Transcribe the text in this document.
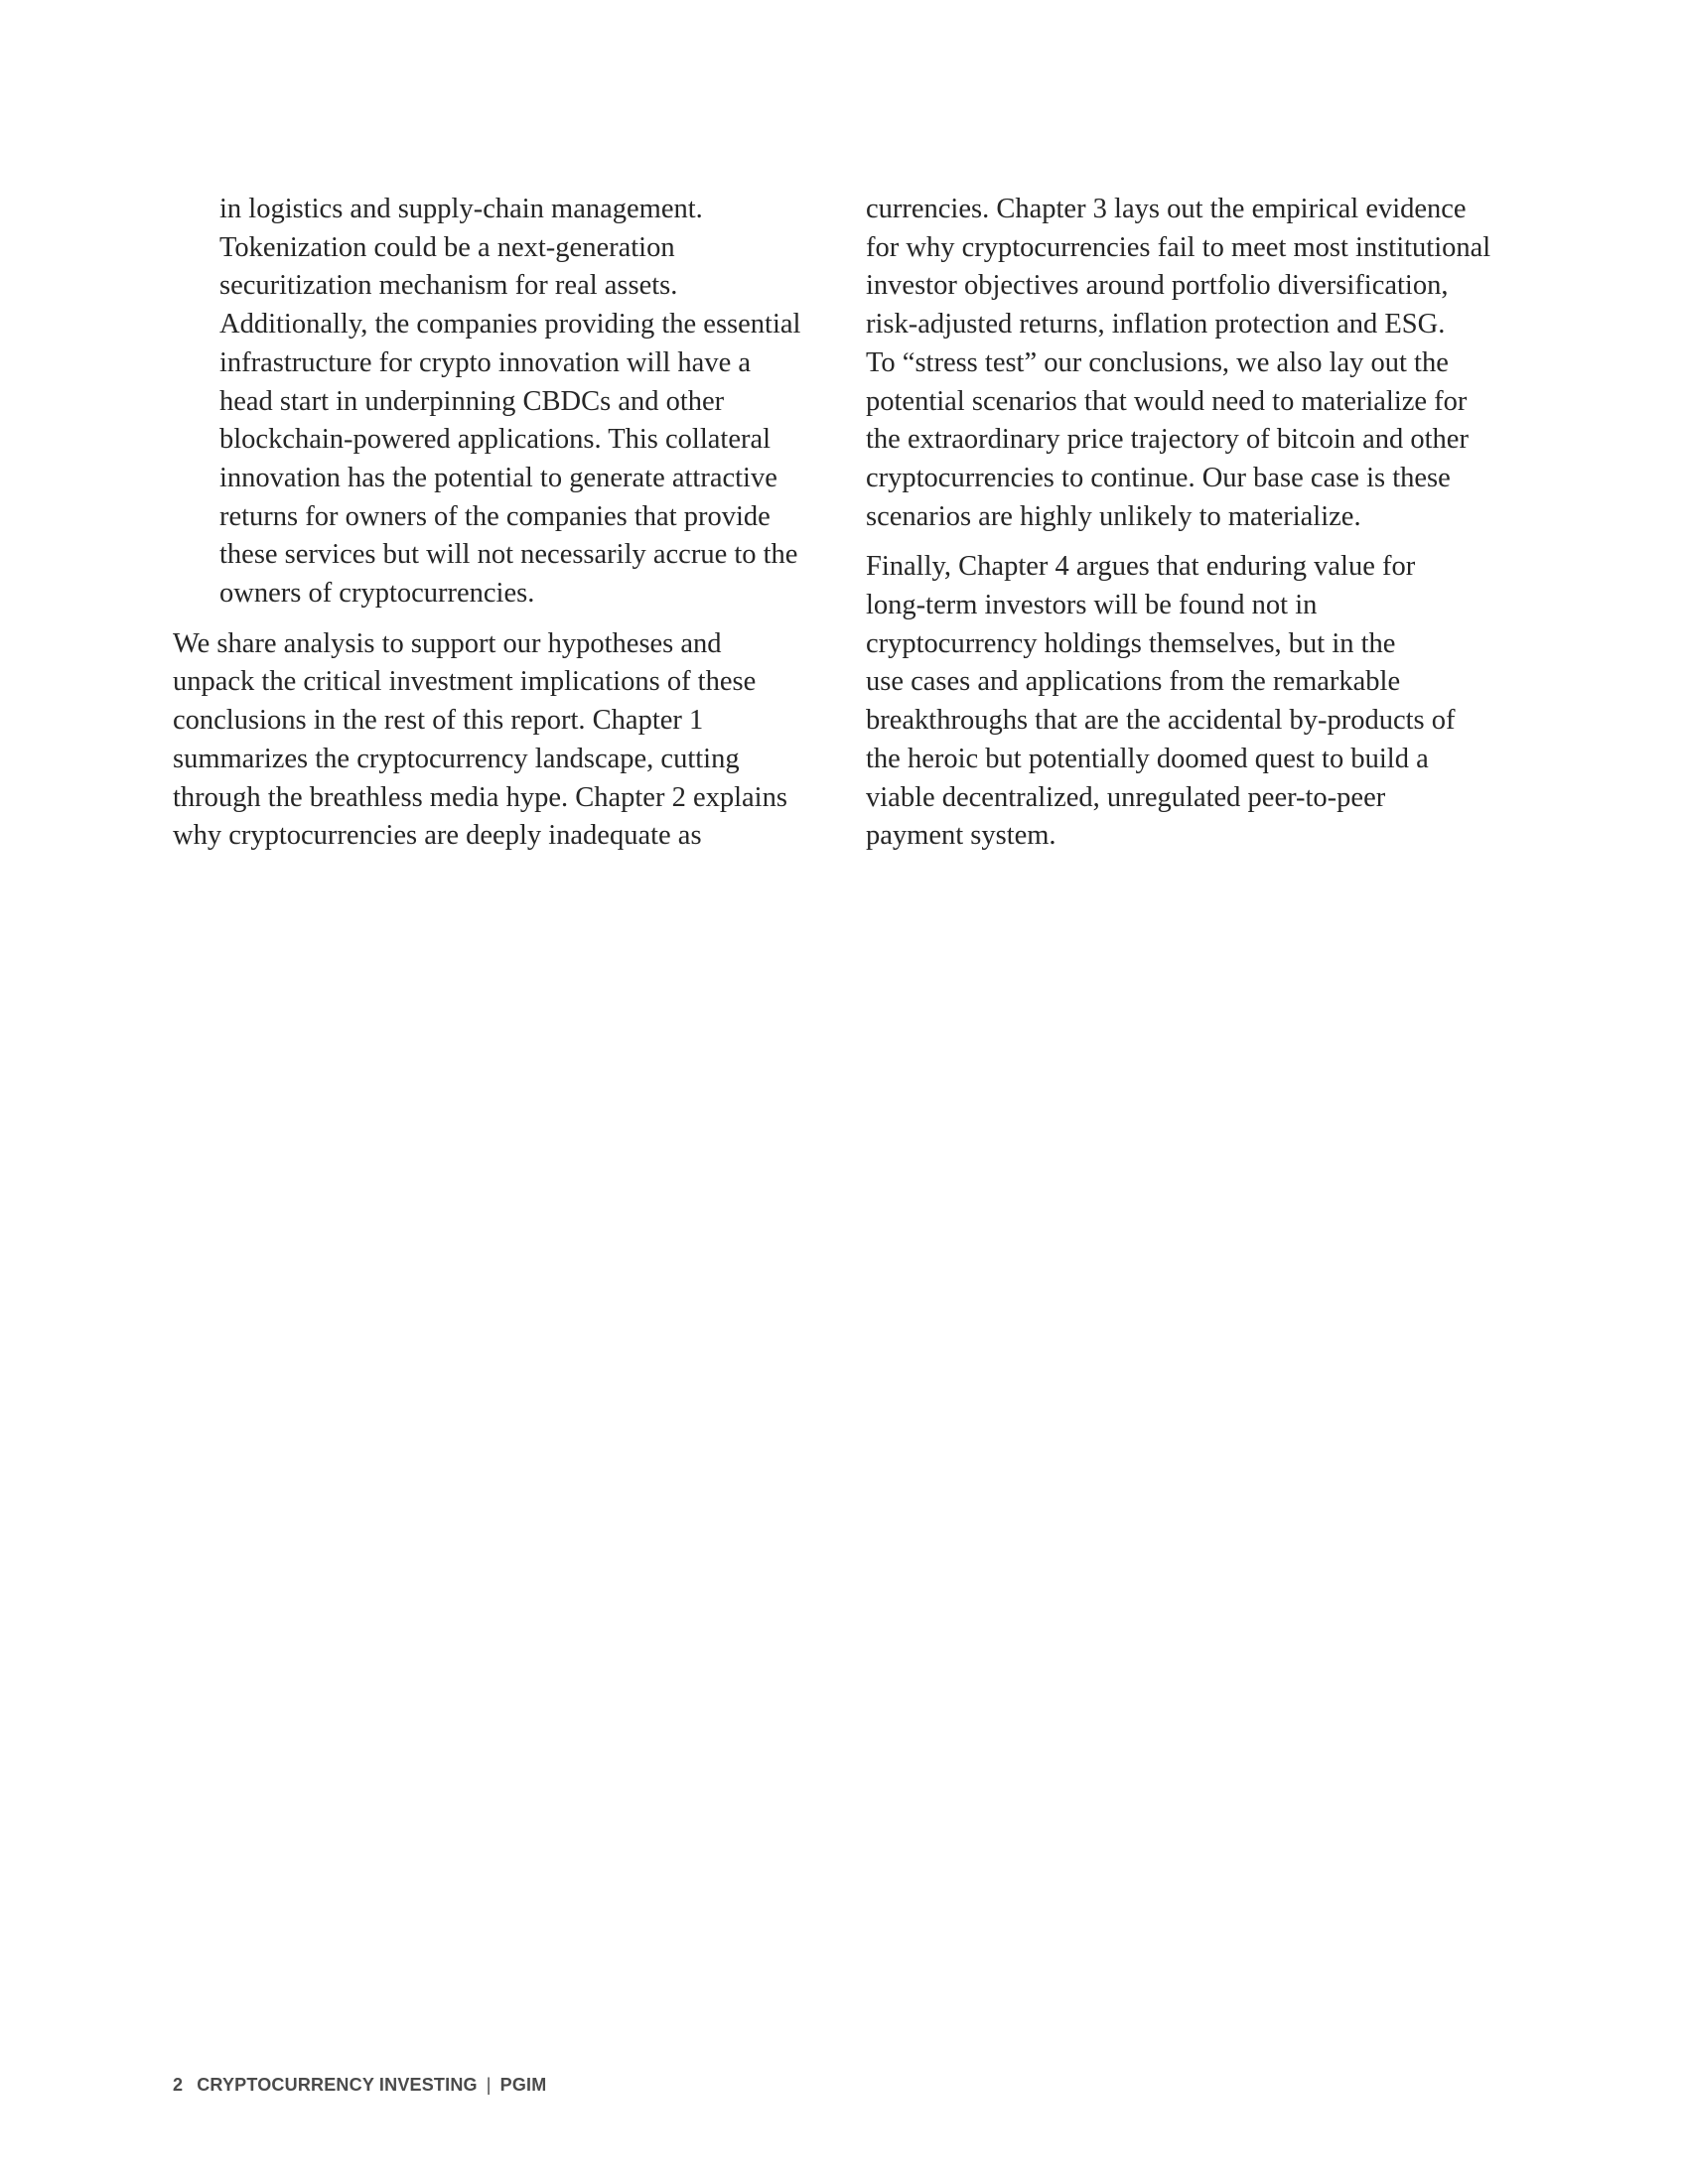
in logistics and supply-chain management.
Tokenization could be a next-generation
securitization mechanism for real assets.
Additionally, the companies providing the essential
infrastructure for crypto innovation will have a
head start in underpinning CBDCs and other
blockchain-powered applications. This collateral
innovation has the potential to generate attractive
returns for owners of the companies that provide
these services but will not necessarily accrue to the
owners of cryptocurrencies.

We share analysis to support our hypotheses and
unpack the critical investment implications of these
conclusions in the rest of this report. Chapter 1
summarizes the cryptocurrency landscape, cutting
through the breathless media hype. Chapter 2 explains
why cryptocurrencies are deeply inadequate as

currencies. Chapter 3 lays out the empirical evidence
for why cryptocurrencies fail to meet most institutional
investor objectives around portfolio diversification,
risk-adjusted returns, inflation protection and ESG.
To “stress test” our conclusions, we also lay out the
potential scenarios that would need to materialize for
the extraordinary price trajectory of bitcoin and other
cryptocurrencies to continue. Our base case is these
scenarios are highly unlikely to materialize.

Finally, Chapter 4 argues that enduring value for
long-term investors will be found not in
cryptocurrency holdings themselves, but in the
use cases and applications from the remarkable
breakthroughs that are the accidental by-products of
the heroic but potentially doomed quest to build a
viable decentralized, unregulated peer-to-peer
payment system.

2 CRYPTOCURRENCY INVESTING | PGIM
